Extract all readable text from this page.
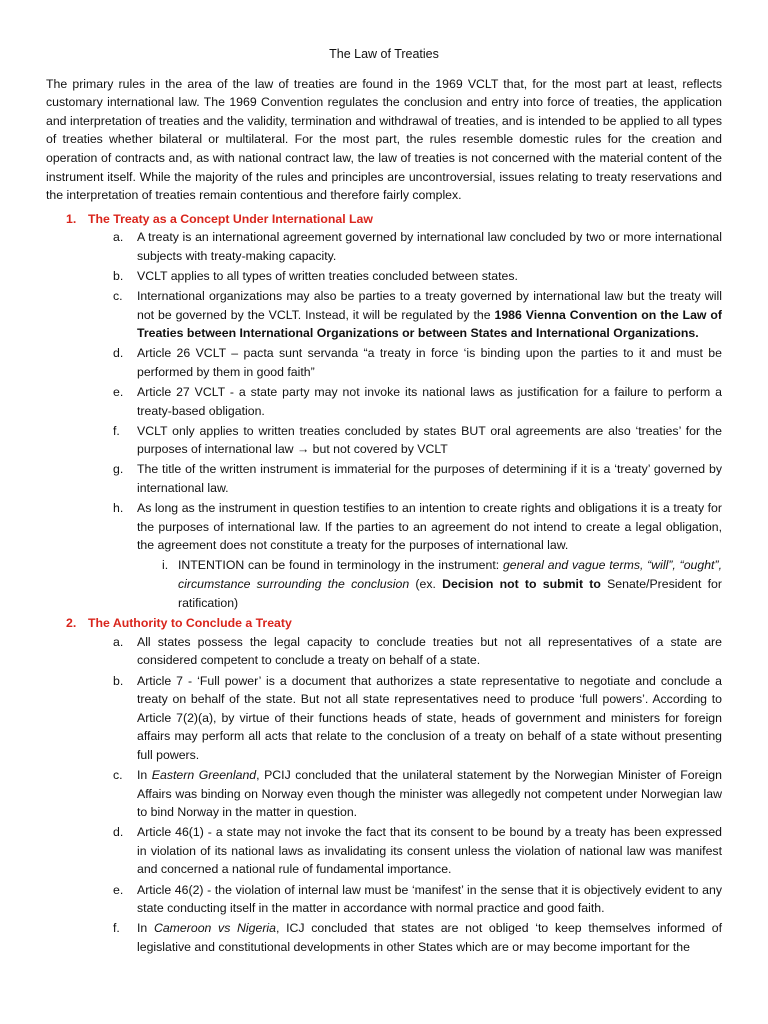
The Law of Treaties
The primary rules in the area of the law of treaties are found in the 1969 VCLT that, for the most part at least, reflects customary international law. The 1969 Convention regulates the conclusion and entry into force of treaties, the application and interpretation of treaties and the validity, termination and withdrawal of treaties, and is intended to be applied to all types of treaties whether bilateral or multilateral. For the most part, the rules resemble domestic rules for the creation and operation of contracts and, as with national contract law, the law of treaties is not concerned with the material content of the instrument itself. While the majority of the rules and principles are uncontroversial, issues relating to treaty reservations and the interpretation of treaties remain contentious and therefore fairly complex.
1. The Treaty as a Concept Under International Law
a.	A treaty is an international agreement governed by international law concluded by two or more international subjects with treaty-making capacity.
b.	VCLT applies to all types of written treaties concluded between states.
c.	International organizations may also be parties to a treaty governed by international law but the treaty will not be governed by the VCLT. Instead, it will be regulated by the 1986 Vienna Convention on the Law of Treaties between International Organizations or between States and International Organizations.
d.	Article 26 VCLT – pacta sunt servanda “a treaty in force ‘is binding upon the parties to it and must be performed by them in good faith”
e.	Article 27 VCLT - a state party may not invoke its national laws as justification for a failure to perform a treaty-based obligation.
f.	VCLT only applies to written treaties concluded by states BUT oral agreements are also ‘treaties’ for the purposes of international law → but not covered by VCLT
g.	The title of the written instrument is immaterial for the purposes of determining if it is a ‘treaty’ governed by international law.
h.	As long as the instrument in question testifies to an intention to create rights and obligations it is a treaty for the purposes of international law. If the parties to an agreement do not intend to create a legal obligation, the agreement does not constitute a treaty for the purposes of international law.
i. INTENTION can be found in terminology in the instrument: general and vague terms, “will”, “ought”, circumstance surrounding the conclusion (ex. Decision not to submit to Senate/President for ratification)
2. The Authority to Conclude a Treaty
a.	All states possess the legal capacity to conclude treaties but not all representatives of a state are considered competent to conclude a treaty on behalf of a state.
b.	Article 7 - ‘Full power’ is a document that authorizes a state representative to negotiate and conclude a treaty on behalf of the state. But not all state representatives need to produce ‘full powers’. According to Article 7(2)(a), by virtue of their functions heads of state, heads of government and ministers for foreign affairs may perform all acts that relate to the conclusion of a treaty on behalf of a state without presenting full powers.
c.	In Eastern Greenland, PCIJ concluded that the unilateral statement by the Norwegian Minister of Foreign Affairs was binding on Norway even though the minister was allegedly not competent under Norwegian law to bind Norway in the matter in question.
d.	Article 46(1) - a state may not invoke the fact that its consent to be bound by a treaty has been expressed in violation of its national laws as invalidating its consent unless the violation of national law was manifest and concerned a national rule of fundamental importance.
e.	Article 46(2) - the violation of internal law must be ‘manifest’ in the sense that it is objectively evident to any state conducting itself in the matter in accordance with normal practice and good faith.
f.	In Cameroon vs Nigeria, ICJ concluded that states are not obliged ‘to keep themselves informed of legislative and constitutional developments in other States which are or may become important for the
